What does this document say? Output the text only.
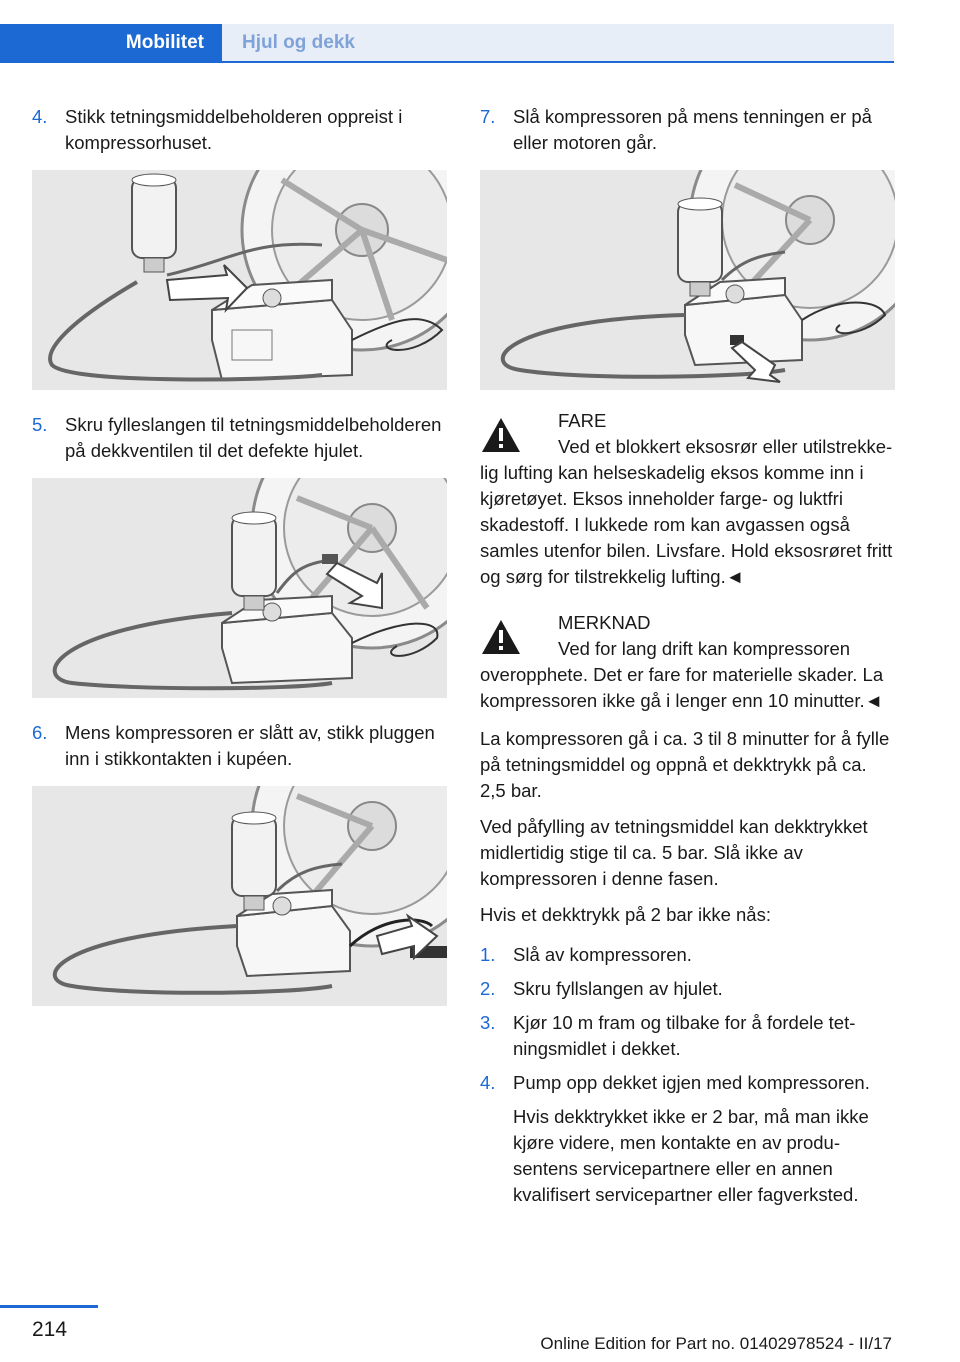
Mobilitet	Hjul og dekk

4. Stikk tetningsmiddelbeholderen oppreist i kompressorhuset.

5. Skru fylleslangen til tetningsmiddelbeholderen på dekkventilen til det defekte hjulet.

6. Mens kompressoren er slått av, stikk pluggen inn i stikkontakten i kupéen.

7. Slå kompressoren på mens tenningen er på eller motoren går.

FARE
Ved et blokkert eksosrør eller utilstrekkelig lufting kan helseskadelig eksos komme inn i kjøretøyet. Eksos inneholder farge- og luktfri skadestoff. I lukkede rom kan avgassen også samles utenfor bilen. Livsfare. Hold eksosrøret fritt og sørg for tilstrekkelig lufting.◄
MERKNAD
Ved for lang drift kan kompressoren overopphete. Det er fare for materielle skader. La kompressoren ikke gå i lenger enn 10 minutter.◄

La kompressoren gå i ca. 3 til 8 minutter for å fylle på tetningsmiddel og oppnå et dekktrykk på ca. 2,5 bar.

Ved påfylling av tetningsmiddel kan dekktrykket midlertidig stige til ca. 5 bar. Slå ikke av kompressoren i denne fasen.

Hvis et dekktrykk på 2 bar ikke nås:

1. Slå av kompressoren.

2. Skru fyllslangen av hjulet.

3. Kjør 10 m fram og tilbake for å fordele tetningsmidlet i dekket.

4. Pump opp dekket igjen med kompressoren.

Hvis dekktrykket ikke er 2 bar, må man ikke kjøre videre, men kontakte en av produsentens servicepartnere eller en annen kvalifisert servicepartner eller fagverksted.

214
Online Edition for Part no. 01402978524 - II/17
